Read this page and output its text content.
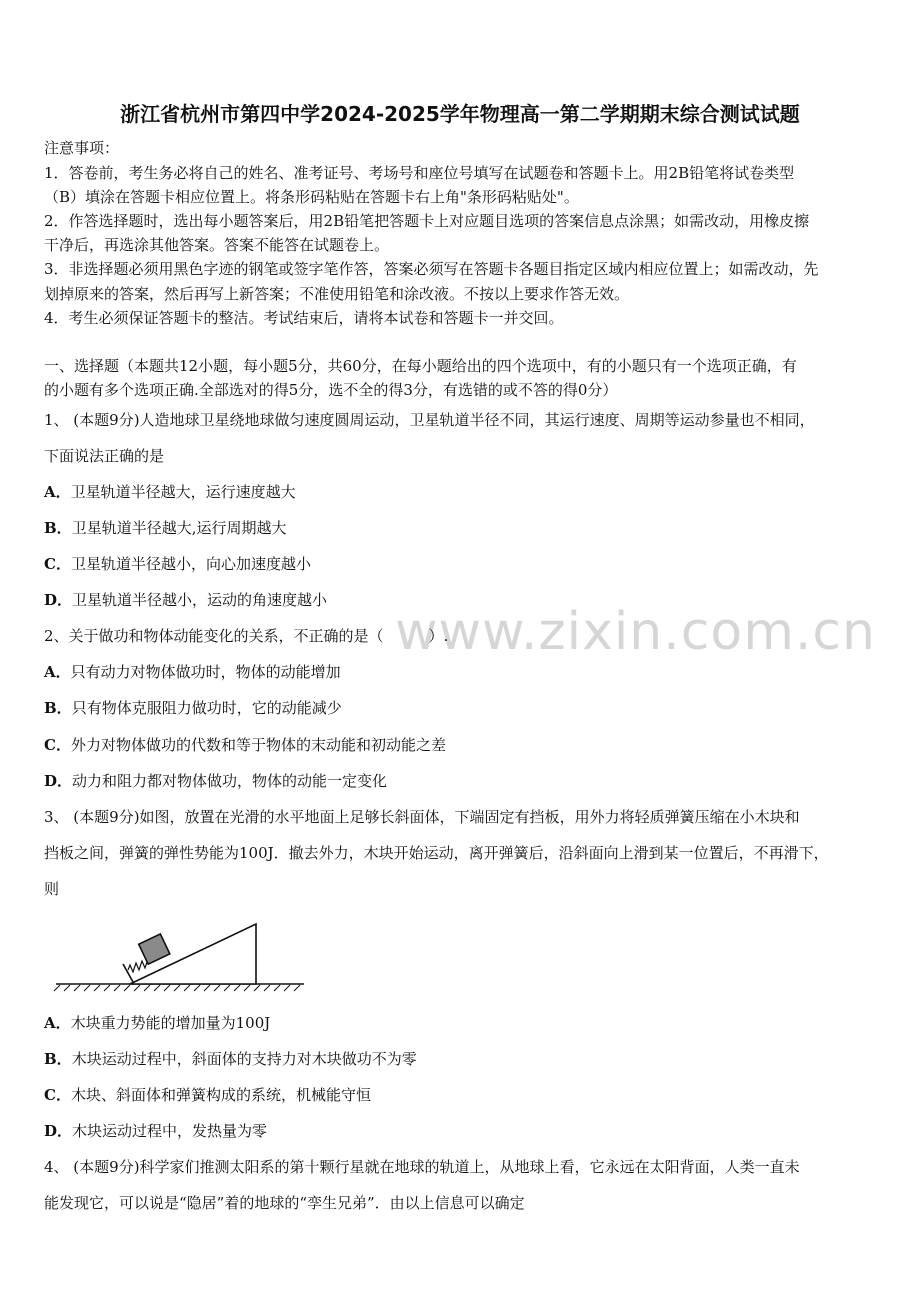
浙江省杭州市第四中学2024-2025学年物理高一第二学期期末综合测试试题
注意事项：
1．答卷前，考生务必将自己的姓名、准考证号、考场号和座位号填写在试题卷和答题卡上。用2B铅笔将试卷类型
（B）填涂在答题卡相应位置上。将条形码粘贴在答题卡右上角"条形码粘贴处"。
2．作答选择题时，选出每小题答案后，用2B铅笔把答题卡上对应题目选项的答案信息点涂黑；如需改动，用橡皮擦
干净后，再选涂其他答案。答案不能答在试题卷上。
3．非选择题必须用黑色字迹的钢笔或签字笔作答，答案必须写在答题卡各题目指定区域内相应位置上；如需改动，先
划掉原来的答案，然后再写上新答案；不准使用铅笔和涂改液。不按以上要求作答无效。
4．考生必须保证答题卡的整洁。考试结束后，请将本试卷和答题卡一并交回。
一、选择题（本题共12小题，每小题5分，共60分，在每小题给出的四个选项中，有的小题只有一个选项正确，有
的小题有多个选项正确.全部选对的得5分，选不全的得3分，有选错的或不答的得0分）
1、 (本题9分)人造地球卫星绕地球做匀速度圆周运动，卫星轨道半径不同，其运行速度、周期等运动参量也不相同，
下面说法正确的是
A．卫星轨道半径越大，运行速度越大
B．卫星轨道半径越大,运行周期越大
C．卫星轨道半径越小，向心加速度越小
D．卫星轨道半径越小，运动的角速度越小
www.zixin.com.cn
2、关于做功和物体动能变化的关系，不正确的是（　　　）.
A．只有动力对物体做功时，物体的动能增加
B．只有物体克服阻力做功时，它的动能减少
C．外力对物体做功的代数和等于物体的末动能和初动能之差
D．动力和阻力都对物体做功，物体的动能一定变化
3、 (本题9分)如图，放置在光滑的水平地面上足够长斜面体，下端固定有挡板，用外力将轻质弹簧压缩在小木块和
挡板之间，弹簧的弹性势能为100J．撤去外力，木块开始运动，离开弹簧后，沿斜面向上滑到某一位置后，不再滑下，
则
A．木块重力势能的增加量为100J
B．木块运动过程中，斜面体的支持力对木块做功不为零
C．木块、斜面体和弹簧构成的系统，机械能守恒
D．木块运动过程中，发热量为零
4、 (本题9分)科学家们推测太阳系的第十颗行星就在地球的轨道上，从地球上看，它永远在太阳背面，人类一直未
能发现它，可以说是“隐居”着的地球的“孪生兄弟”．由以上信息可以确定
